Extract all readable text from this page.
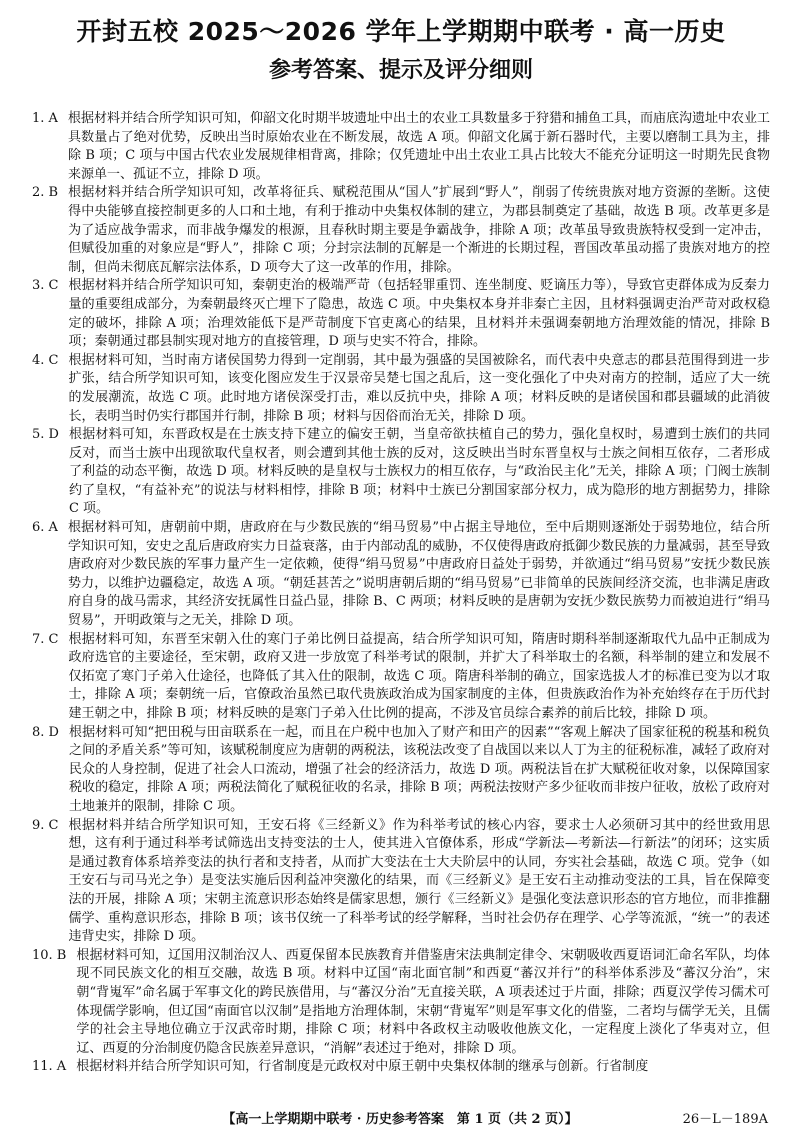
开封五校 2025～2026 学年上学期期中联考 · 高一历史
参考答案、提示及评分细则
1. A 根据材料并结合所学知识可知，仰韶文化时期半坡遗址中出土的农业工具数量多于狩猎和捕鱼工具，而庙底沟遗址中农业工具数量占了绝对优势，反映出当时原始农业在不断发展，故选 A 项。仰韶文化属于新石器时代，主要以磨制工具为主，排除 B 项；C 项与中国古代农业发展规律相背离，排除；仅凭遗址中出土农业工具占比较大不能充分证明这一时期先民食物来源单一、孤证不立，排除 D 项。
2. B 根据材料并结合所学知识可知，改革将征兵、赋税范围从“国人”扩展到“野人”，削弱了传统贵族对地方资源的垄断。这使得中央能够直接控制更多的人口和土地，有利于推动中央集权体制的建立，为郡县制奠定了基础，故选 B 项。改革更多是为了适应战争需求，而非战争爆发的根源，且春秋时期主要是争霸战争，排除 A 项；改革虽导致贵族特权受到一定冲击，但赋役加重的对象应是“野人”，排除 C 项；分封宗法制的瓦解是一个渐进的长期过程，晋国改革虽动摇了贵族对地方的控制，但尚未彻底瓦解宗法体系，D 项夸大了这一改革的作用，排除。
3. C 根据材料并结合所学知识可知，秦朝吏治的极端严苛（包括轻罪重罚、连坐制度、贬谪压力等），导致官吏群体成为反秦力量的重要组成部分，为秦朝最终灭亡埋下了隐患，故选 C 项。中央集权本身并非秦亡主因，且材料强调吏治严苛对政权稳定的破坏，排除 A 项；治理效能低下是严苛制度下官吏离心的结果，且材料并未强调秦朝地方治理效能的情况，排除 B 项；秦朝通过郡县制实现对地方的直接管理，D 项与史实不符合，排除。
4. C 根据材料可知，当时南方诸侯国势力得到一定削弱，其中最为强盛的吴国被除名，而代表中央意志的郡县范围得到进一步扩张，结合所学知识可知，该变化图应发生于汉景帝吴楚七国之乱后，这一变化强化了中央对南方的控制，适应了大一统的发展潮流，故选 C 项。此时地方诸侯深受打击，难以反抗中央，排除 A 项；材料反映的是诸侯国和郡县疆域的此消彼长，表明当时仍实行郡国并行制，排除 B 项；材料与因俗而治无关，排除 D 项。
5. D 根据材料可知，东晋政权是在士族支持下建立的偏安王朝，当皇帝欲扶植自己的势力，强化皇权时，易遭到士族们的共同反对，而当士族中出现欲取代皇权者，则会遭到其他士族的反对，这反映出当时东晋皇权与士族之间相互依存，二者形成了利益的动态平衡，故选 D 项。材料反映的是皇权与士族权力的相互依存，与“政治民主化”无关，排除 A 项；门阀士族制约了皇权，“有益补充”的说法与材料相悖，排除 B 项；材料中士族已分割国家部分权力，成为隐形的地方割据势力，排除 C 项。
6. A 根据材料可知，唐朝前中期，唐政府在与少数民族的“绢马贸易”中占据主导地位，至中后期则逐渐处于弱势地位，结合所学知识可知，安史之乱后唐政府实力日益衰落，由于内部动乱的威胁，不仅使得唐政府抵御少数民族的力量减弱，甚至导致唐政府对少数民族的军事力量产生一定依赖，使得“绢马贸易”中唐政府日益处于弱势，并欲通过“绢马贸易”安抚少数民族势力，以维护边疆稳定，故选 A 项。“朝廷甚苦之”说明唐朝后期的“绢马贸易”已非简单的民族间经济交流，也非满足唐政府自身的战马需求，其经济安抚属性日益凸显，排除 B、C 两项；材料反映的是唐朝为安抚少数民族势力而被迫进行“绢马贸易”，开明政策与之无关，排除 D 项。
7. C 根据材料可知，东晋至宋朝入仕的寒门子弟比例日益提高，结合所学知识可知，隋唐时期科举制逐渐取代九品中正制成为政府选官的主要途径，至宋朝，政府又进一步放宽了科举考试的限制，并扩大了科举取士的名额，科举制的建立和发展不仅拓宽了寒门子弟入仕途径，也降低了其入仕的限制，故选 C 项。隋唐科举制的确立，国家选拔人才的标准已变为以才取士，排除 A 项；秦朝统一后，官僚政治虽然已取代贵族政治成为国家制度的主体，但贵族政治作为补充始终存在于历代封建王朝之中，排除 B 项；材料反映的是寒门子弟入仕比例的提高，不涉及官员综合素养的前后比较，排除 D 项。
8. D 根据材料可知“把田税与田亩联系在一起，而且在户税中也加入了财产和田产的因素”“客观上解决了国家征税的税基和税负之间的矛盾关系”等可知，该赋税制度应为唐朝的两税法，该税法改变了自战国以来以人丁为主的征税标准，减轻了政府对民众的人身控制，促进了社会人口流动，增强了社会的经济活力，故选 D 项。两税法旨在扩大赋税征收对象，以保障国家税收的稳定，排除 A 项；两税法简化了赋税征收的名录，排除 B 项；两税法按财产多少征收而非按户征收，放松了政府对土地兼并的限制，排除 C 项。
9. C 根据材料并结合所学知识可知，王安石将《三经新义》作为科举考试的核心内容，要求士人必须研习其中的经世致用思想，这有利于通过科举考试筛选出支持变法的士人，使其进入官僚体系，形成“学新法—考新法—行新法”的闭环；这实质是通过教育体系培养变法的执行者和支持者，从而扩大变法在士大夫阶层中的认同，夯实社会基础，故选 C 项。党争（如王安石与司马光之争）是变法实施后因利益冲突激化的结果，而《三经新义》是王安石主动推动变法的工具，旨在保障变法的开展，排除 A 项；宋朝主流意识形态始终是儒家思想，颁行《三经新义》是强化变法意识形态的官方地位，而非推翻儒学、重构意识形态，排除 B 项；该书仅统一了科举考试的经学解释，当时社会仍存在理学、心学等流派，“统一”的表述违背史实，排除 D 项。
10. B 根据材料可知，辽国用汉制治汉人、西夏保留本民族教育并借鉴唐宋法典制定律令、宋朝吸收西夏语词汇命名军队，均体现不同民族文化的相互交融，故选 B 项。材料中辽国“南北面官制”和西夏“蕃汉并行”的科举体系涉及“蕃汉分治”，宋朝“背嵬军”命名属于军事文化的跨民族借用，与“蕃汉分治”无直接关联，A 项表述过于片面，排除；西夏汉学传习儒术可体现儒学影响，但辽国“南面官以汉制”是指地方治理体制，宋朝“背嵬军”则是军事文化的借鉴，二者均与儒学无关，且儒学的社会主导地位确立于汉武帝时期，排除 C 项；材料中各政权主动吸收他族文化，一定程度上淡化了华夷对立，但辽、西夏的分治制度仍隐含民族差异意识，“消解”表述过于绝对，排除 D 项。
11. A 根据材料并结合所学知识可知，行省制度是元政权对中原王朝中央集权体制的继承与创新。行省制度
【高一上学期期中联考 · 历史参考答案　第 1 页（共 2 页）】	26－L－189A
